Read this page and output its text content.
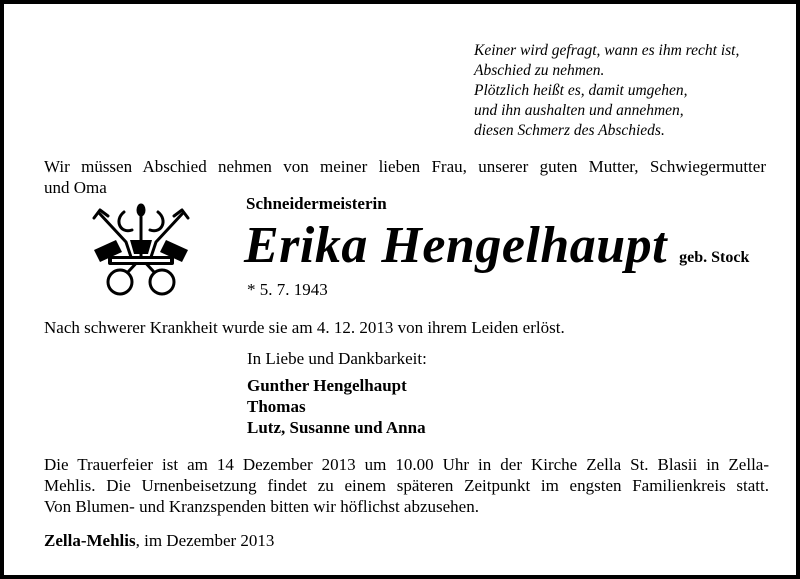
Keiner wird gefragt, wann es ihm recht ist,
Abschied zu nehmen.
Plötzlich heißt es, damit umgehen,
und ihn aushalten und annehmen,
diesen Schmerz des Abschieds.
Wir müssen Abschied nehmen von meiner lieben Frau, unserer guten Mutter, Schwiegermutter
und Oma
Schneidermeisterin
Erika Hengelhaupt geb. Stock
* 5. 7. 1943
Nach schwerer Krankheit wurde sie am 4. 12. 2013 von ihrem Leiden erlöst.
In Liebe und Dankbarkeit:
Gunther Hengelhaupt
Thomas
Lutz, Susanne und Anna
Die Trauerfeier ist am 14 Dezember 2013 um 10.00 Uhr in der Kirche Zella St. Blasii in Zella-
Mehlis. Die Urnenbeisetzung findet zu einem späteren Zeitpunkt im engsten Familienkreis statt.
Von Blumen- und Kranzspenden bitten wir höflichst abzusehen.
Zella-Mehlis, im Dezember 2013
